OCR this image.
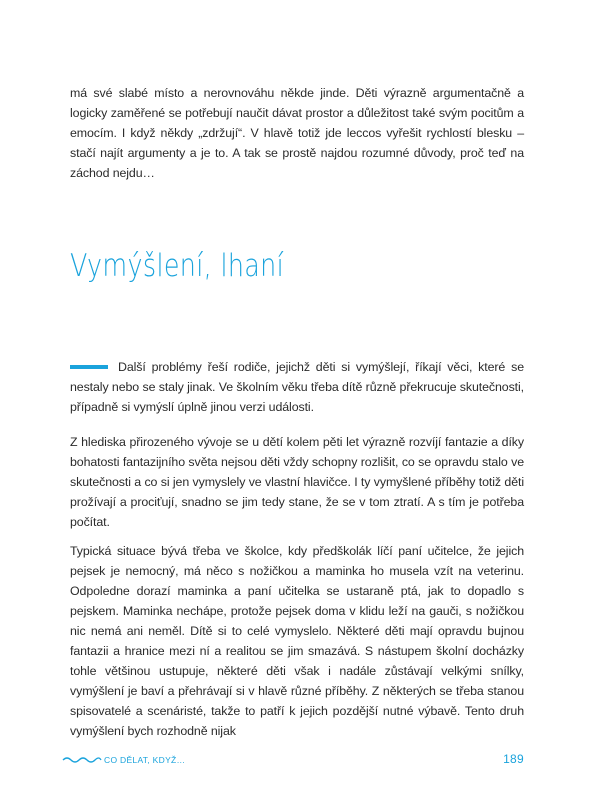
má své slabé místo a nerovnováhu někde jinde. Děti výrazně argumentačně a logicky zaměřené se potřebují naučit dávat prostor a důležitost také svým pocitům a emocím. I když někdy „zdržují“. V hlavě totiž jde leccos vyřešit rychlostí blesku – stačí najít argumenty a je to. A tak se prostě najdou rozumné důvody, proč teď na záchod nejdu…

Vymýšlení, lhaní

Další problémy řeší rodiče, jejichž děti si vymýšlejí, říkají věci, které se nestaly nebo se staly jinak. Ve školním věku třeba dítě různě překrucuje skutečnosti, případně si vymýslí úplně jinou verzi události.

Z hlediska přirozeného vývoje se u dětí kolem pěti let výrazně rozvíjí fantazie a díky bohatosti fantazijního světa nejsou děti vždy schopny rozlišit, co se opravdu stalo ve skutečnosti a co si jen vymyslely ve vlastní hlavičce. I ty vymyšlené příběhy totiž děti prožívají a prociťují, snadno se jim tedy stane, že se v tom ztratí. A s tím je potřeba počítat.

Typická situace bývá třeba ve školce, kdy předškolák líčí paní učitelce, že jejich pejsek je nemocný, má něco s nožičkou a maminka ho musela vzít na veterinu. Odpoledne dorazí maminka a paní učitelka se ustaraně ptá, jak to dopadlo s pejskem. Maminka nechápe, protože pejsek doma v klidu leží na gauči, s nožičkou nic nemá ani neměl. Dítě si to celé vymyslelo. Některé děti mají opravdu bujnou fantazii a hranice mezi ní a realitou se jim smazává. S nástupem školní docházky tohle většinou ustupuje, některé děti však i nadále zůstávají velkými snílky, vymýšlení je baví a přehrávají si v hlavě různé příběhy. Z některých se třeba stanou spisovatelé a scenáristé, takže to patří k jejich pozdější nutné výbavě. Tento druh vymýšlení bych rozhodně nijak

CO DĚLAT, KDYŽ…	189
